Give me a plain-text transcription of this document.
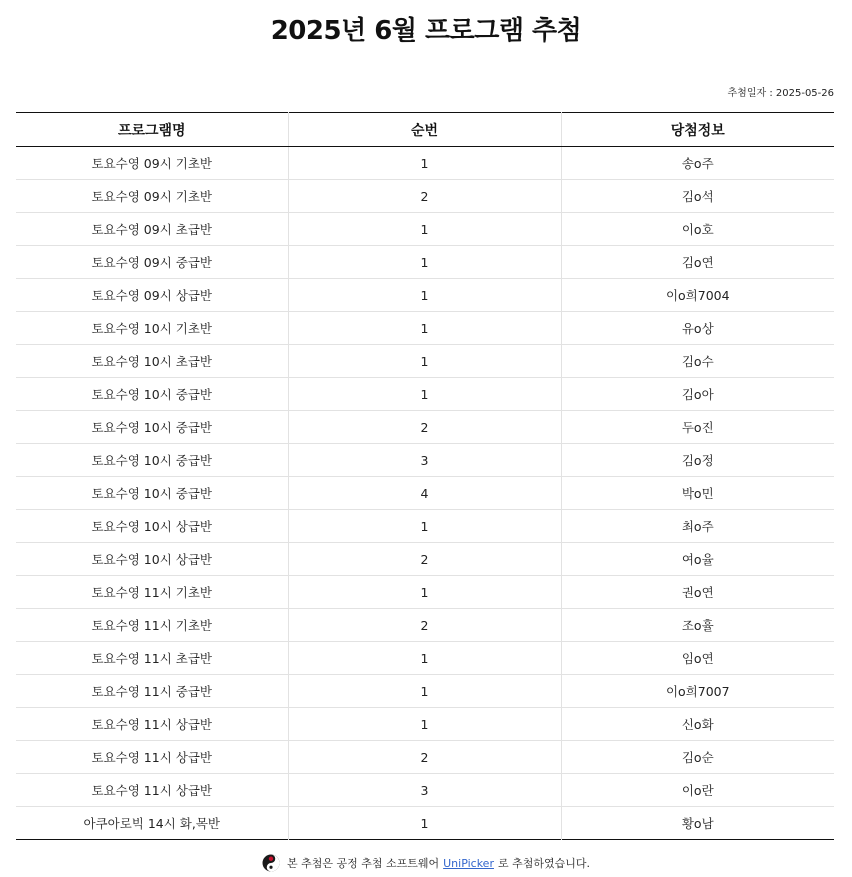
2025년 6월 프로그램 추첨
추첨일자 : 2025-05-26
프로그램명	순번	당첨정보
토요수영 09시 기초반	1	송o주
토요수영 09시 기초반	2	김o석
토요수영 09시 초급반	1	이o호
토요수영 09시 중급반	1	김o연
토요수영 09시 상급반	1	이o희7004
토요수영 10시 기초반	1	유o상
토요수영 10시 초급반	1	김o수
토요수영 10시 중급반	1	김o아
토요수영 10시 중급반	2	두o진
토요수영 10시 중급반	3	김o정
토요수영 10시 중급반	4	박o민
토요수영 10시 상급반	1	최o주
토요수영 10시 상급반	2	여o율
토요수영 11시 기초반	1	권o연
토요수영 11시 기초반	2	조o휼
토요수영 11시 초급반	1	임o연
토요수영 11시 중급반	1	이o희7007
토요수영 11시 상급반	1	신o화
토요수영 11시 상급반	2	김o순
토요수영 11시 상급반	3	이o란
아쿠아로빅 14시 화,목반	1	황o남
본 추첨은 공정 추첨 소프트웨어 UniPicker 로 추첨하였습니다.
